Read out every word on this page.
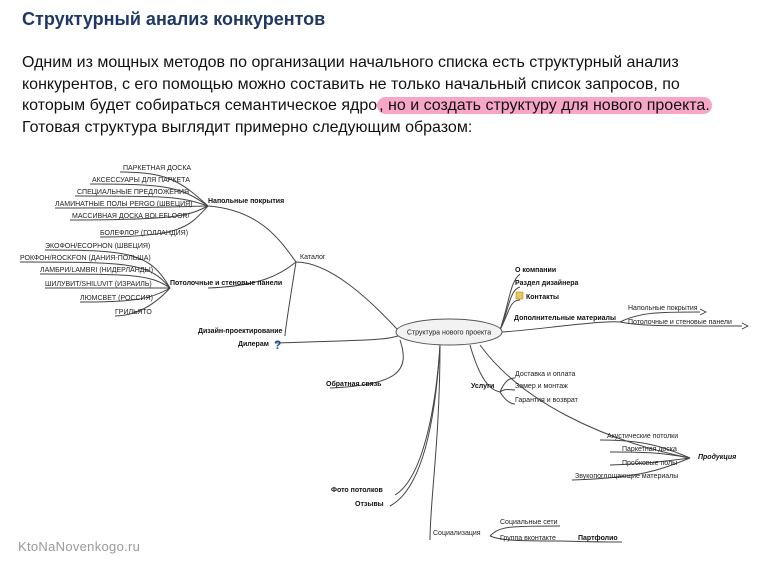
Структурный анализ конкурентов
Одним из мощных методов по организации начального списка есть структурный анализ конкурентов, с его помощью можно составить не только начальный список запросов, по которым будет собираться семантическое ядро , но и создать структуру для нового проекта. Готовая структура выглядит примерно следующим образом:
Структура нового проекта
Каталог
Напольные покрытия
ПАРКЕТНАЯ ДОСКА
АКСЕССУАРЫ ДЛЯ ПАРКЕТА
СПЕЦИАЛЬНЫЕ ПРЕДЛОЖЕНИЯ
ЛАМИНАТНЫЕ ПОЛЫ PERGO (ШВЕЦИЯ)
МАССИВНАЯ ДОСКА BOLEFLOOR/
БОЛЕФЛОР (ГОЛЛАНДИЯ)
Потолочные и стеновые панели
ЭКОФОН/ECOPHON (ШВЕЦИЯ)
РОКФОН/ROCKFON (ДАНИЯ-ПОЛЬША)
ЛАМБРИ/LAMBRI (НИДЕРЛАНДЫ)
ШИЛУВИТ/SHILUVIT (ИЗРАИЛЬ)
ЛЮМСВЕТ (РОССИЯ)
ГРИЛЬЯТО
Дизайн-проектирование
Дилерам ?
Обратная связь
Фото потолков
Отзывы
О компании
Раздел дизайнера
Контакты
Дополнительные материалы
Напольные покрытия
Потолочные и стеновые панели
Услуги
Доставка и оплата
Замер и монтаж
Гарантия и возврат
Продукция
Акустические потолки
Паркетная доска
Пробковые полы
Звукопоглощающие материалы
Социализация
Социальные сети
Группа вконтакте	Партфолио
KtoNaNovenkogo.ru
